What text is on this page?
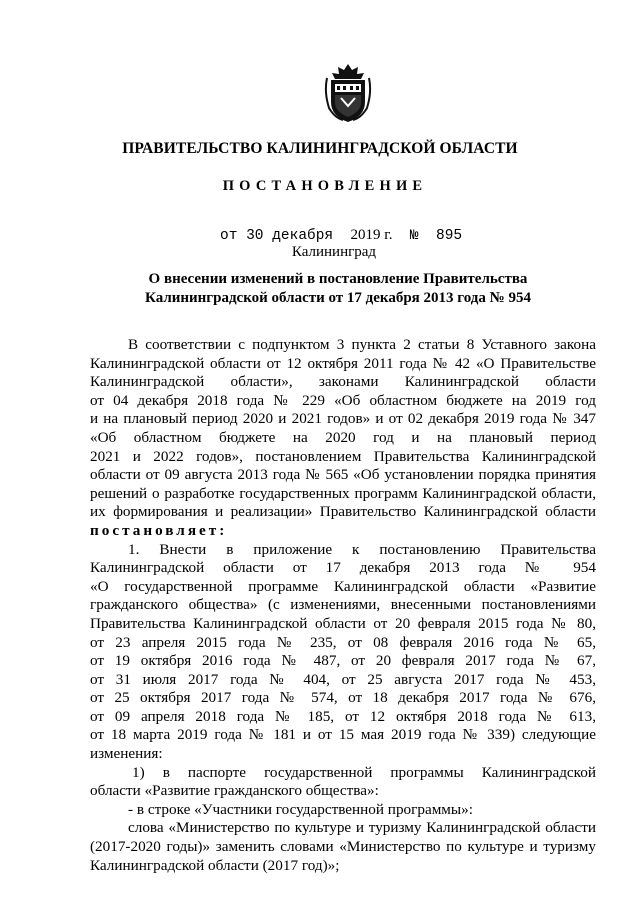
ПРАВИТЕЛЬСТВО КАЛИНИНГРАДСКОЙ ОБЛАСТИ
ПОСТАНОВЛЕНИЕ
от 30 декабря 2019 г. № 895
Калининград
О внесении изменений в постановление Правительства
Калининградской области от 17 декабря 2013 года № 954

В соответствии с подпунктом 3 пункта 2 статьи 8 Уставного закона

Калининградской области от 12 октября 2011 года № 42 «О Правительстве

Калининградской области», законами Калининградской области

от 04 декабря 2018 года № 229 «Об областном бюджете на 2019 год

и на плановый период 2020 и 2021 годов» и от 02 декабря 2019 года № 347

«Об областном бюджете на 2020 год и на плановый период

2021 и 2022 годов», постановлением Правительства Калининградской

области от 09 августа 2013 года № 565 «Об установлении порядка принятия

решений о разработке государственных программ Калининградской области,

их формирования и реализации» Правительство Калининградской области

постановляет:

1. Внести в приложение к постановлению Правительства

Калининградской области от 17 декабря 2013 года № 954

«О государственной программе Калининградской области «Развитие

гражданского общества» (с изменениями, внесенными постановлениями

Правительства Калининградской области от 20 февраля 2015 года № 80,

от 23 апреля 2015 года № 235, от 08 февраля 2016 года № 65,

от 19 октября 2016 года № 487, от 20 февраля 2017 года № 67,

от 31 июля 2017 года № 404, от 25 августа 2017 года № 453,

от 25 октября 2017 года № 574, от 18 декабря 2017 года № 676,

от 09 апреля 2018 года № 185, от 12 октября 2018 года № 613,

от 18 марта 2019 года № 181 и от 15 мая 2019 года № 339) следующие

изменения:

1) в паспорте государственной программы Калининградской

области «Развитие гражданского общества»:

- в строке «Участники государственной программы»:

слова «Министерство по культуре и туризму Калининградской области

(2017-2020 годы)» заменить словами «Министерство по культуре и туризму

Калининградской области (2017 год)»;
